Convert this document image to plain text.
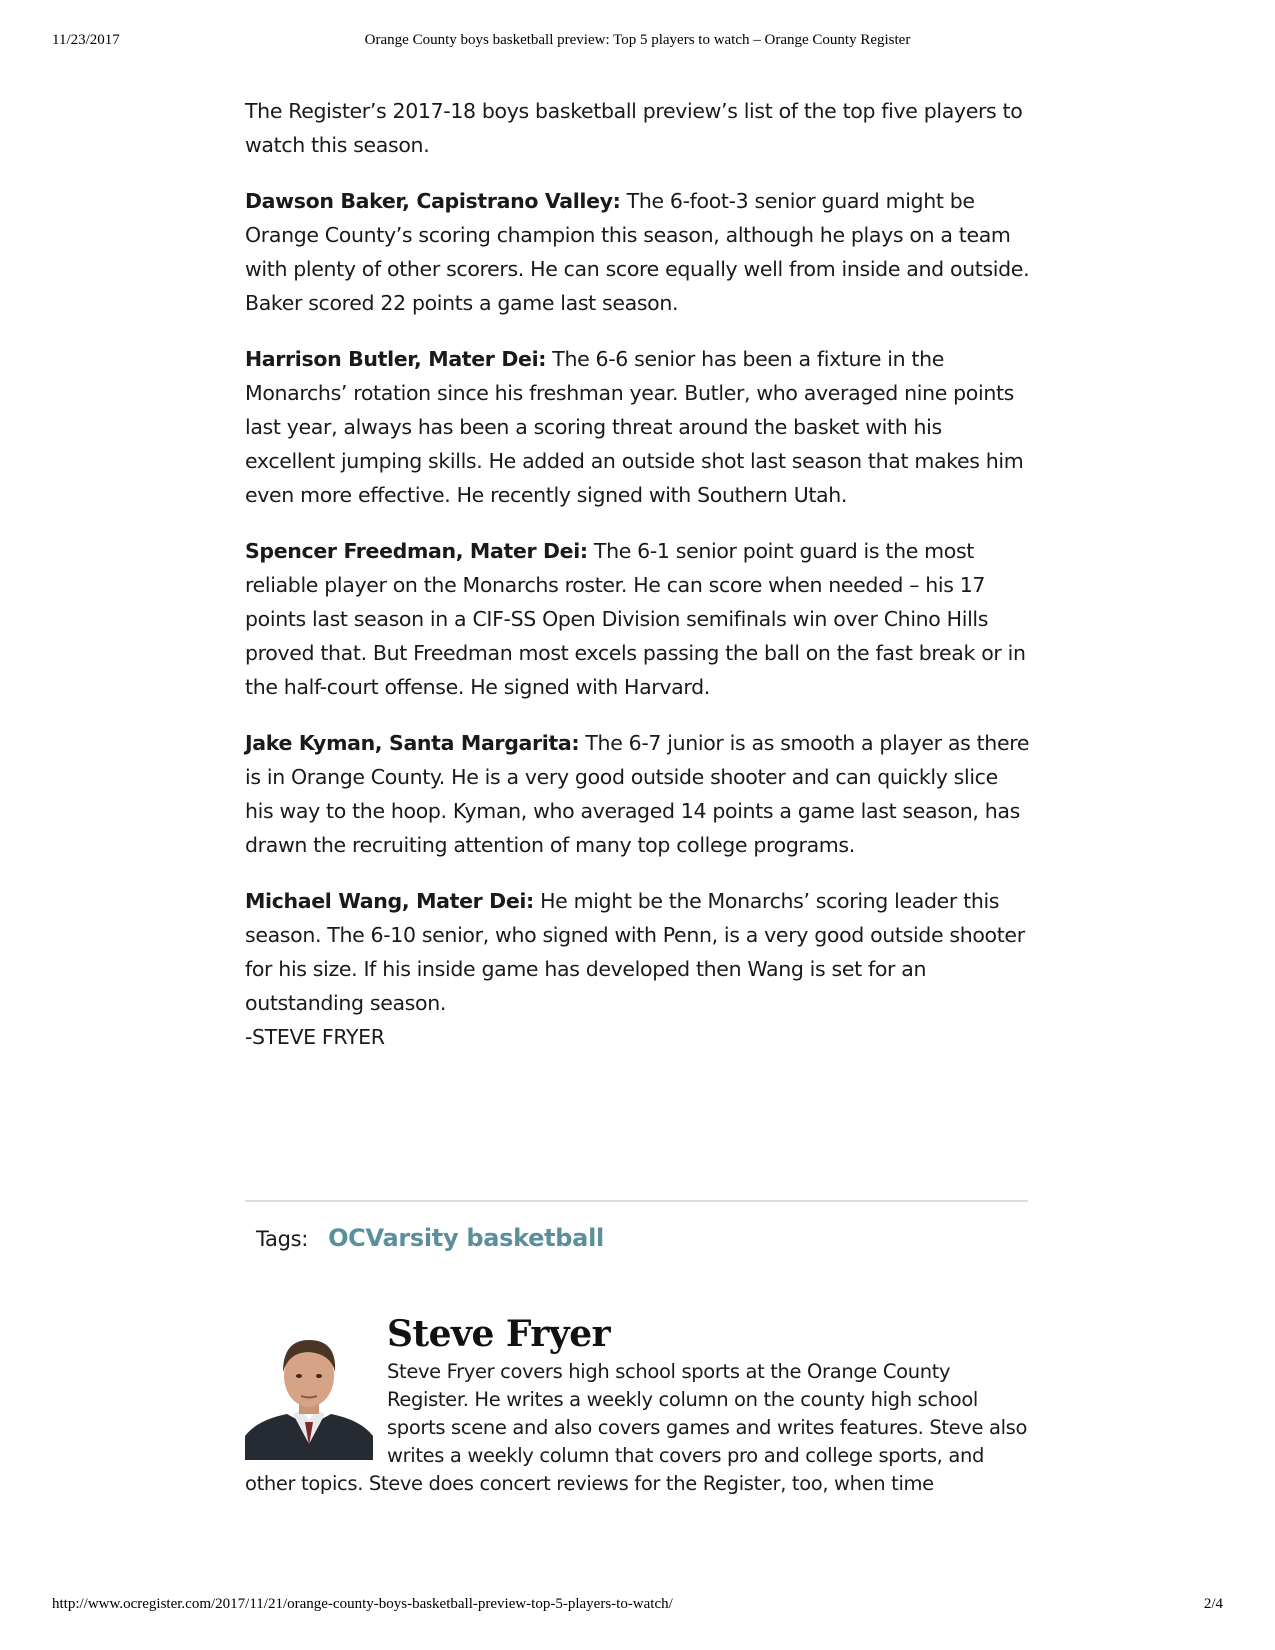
11/23/2017	Orange County boys basketball preview: Top 5 players to watch – Orange County Register

The Register’s 2017-18 boys basketball preview’s list of the top five players to watch this season.

Dawson Baker, Capistrano Valley: The 6-foot-3 senior guard might be Orange County’s scoring champion this season, although he plays on a team with plenty of other scorers. He can score equally well from inside and outside. Baker scored 22 points a game last season.

Harrison Butler, Mater Dei: The 6-6 senior has been a fixture in the Monarchs’ rotation since his freshman year. Butler, who averaged nine points last year, always has been a scoring threat around the basket with his excellent jumping skills. He added an outside shot last season that makes him even more effective. He recently signed with Southern Utah.

Spencer Freedman, Mater Dei: The 6-1 senior point guard is the most reliable player on the Monarchs roster. He can score when needed – his 17 points last season in a CIF-SS Open Division semifinals win over Chino Hills proved that. But Freedman most excels passing the ball on the fast break or in the half-court offense. He signed with Harvard.

Jake Kyman, Santa Margarita: The 6-7 junior is as smooth a player as there is in Orange County. He is a very good outside shooter and can quickly slice his way to the hoop. Kyman, who averaged 14 points a game last season, has drawn the recruiting attention of many top college programs.

Michael Wang, Mater Dei: He might be the Monarchs’ scoring leader this season. The 6-10 senior, who signed with Penn, is a very good outside shooter for his size. If his inside game has developed then Wang is set for an outstanding season.
-STEVE FRYER

Tags: OCVarsity basketball
Steve Fryer

Steve Fryer covers high school sports at the Orange County Register. He writes a weekly column on the county high school sports scene and also covers games and writes features. Steve also writes a weekly column that covers pro and college sports, and other topics. Steve does concert reviews for the Register, too, when time

http://www.ocregister.com/2017/11/21/orange-county-boys-basketball-preview-top-5-players-to-watch/	2/4
